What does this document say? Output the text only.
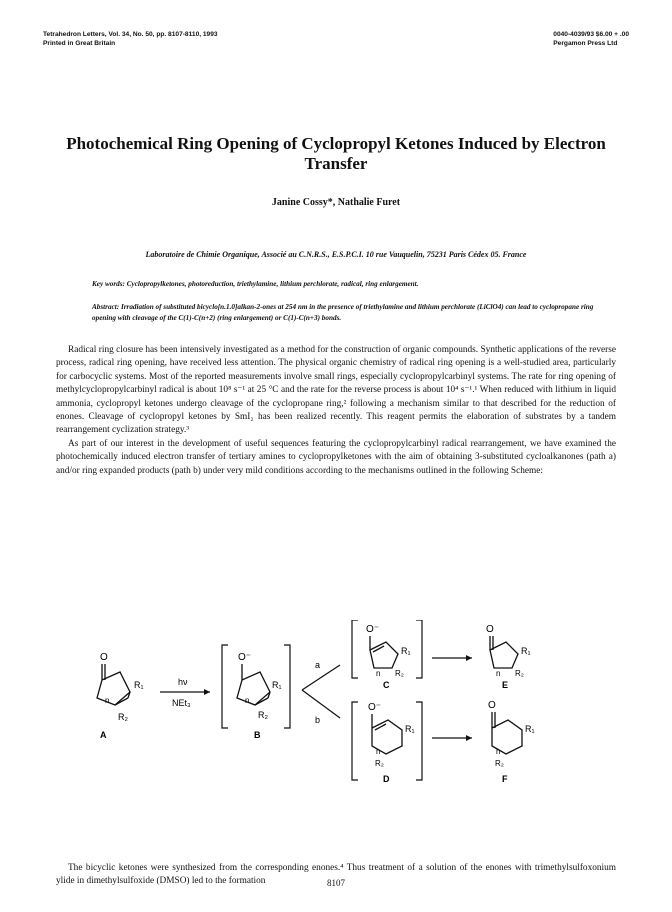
Tetrahedron Letters, Vol. 34, No. 50, pp. 8107-8110, 1993
Printed in Great Britain
0040-4039/93 $6.00 + .00
Pergamon Press Ltd
Photochemical Ring Opening of Cyclopropyl Ketones Induced by Electron Transfer
Janine Cossy*, Nathalie Furet
Laboratoire de Chimie Organique, Associé au C.N.R.S., E.S.P.C.I. 10 rue Vauquelin, 75231 Paris Cédex 05. France
Key words: Cyclopropylketones, photoreduction, triethylamine, lithium perchlorate, radical, ring enlargement.
Abstract: Irradiation of substituted bicyclo[n.1.0]alkan-2-ones at 254 nm in the presence of triethylamine and lithium perchlorate (LiClO4) can lead to cyclopropane ring opening with cleavage of the C(1)-C(n+2) (ring enlargement) or C(1)-C(n+3) bonds.

Radical ring closure has been intensively investigated as a method for the construction of organic compounds. Synthetic applications of the reverse process, radical ring opening, have received less attention. The physical organic chemistry of radical ring opening is a well-studied area, particularly for carbocyclic systems. Most of the reported measurements involve small rings, especially cyclopropylcarbinyl systems. The rate for ring opening of methylcyclopropylcarbinyl radical is about 10⁸ s⁻¹ at 25 °C and the rate for the reverse process is about 10⁴ s⁻¹.¹ When reduced with lithium in liquid ammonia, cyclopropyl ketones undergo cleavage of the cyclopropane ring,² following a mechanism similar to that described for the reduction of enones. Cleavage of cyclopropyl ketones by SmI₂ has been realized recently. This reagent permits the elaboration of substrates by a tandem rearrangement cyclization strategy.³

As part of our interest in the development of useful sequences featuring the cyclopropylcarbinyl radical rearrangement, we have examined the photochemically induced electron transfer of tertiary amines to cyclopropylketones with the aim of obtaining 3-substituted cycloalkanones (path a) and/or ring expanded products (path b) under very mild conditions according to the mechanisms outlined in the following Scheme:

O
R₁
R₂
n
A
hν
NEt₃
O⁻
R₁
R₂
n
B
a
b
O⁻
R₁
R₂
n
C
O
R₁
R₂
n
E
O⁻
R₁
R₂
n
D
O
R₁
R₂
n
F

The bicyclic ketones were synthesized from the corresponding enones.⁴ Thus treatment of a solution of the enones with trimethylsulfoxonium ylide in dimethylsulfoxide (DMSO) led to the formation	8107
